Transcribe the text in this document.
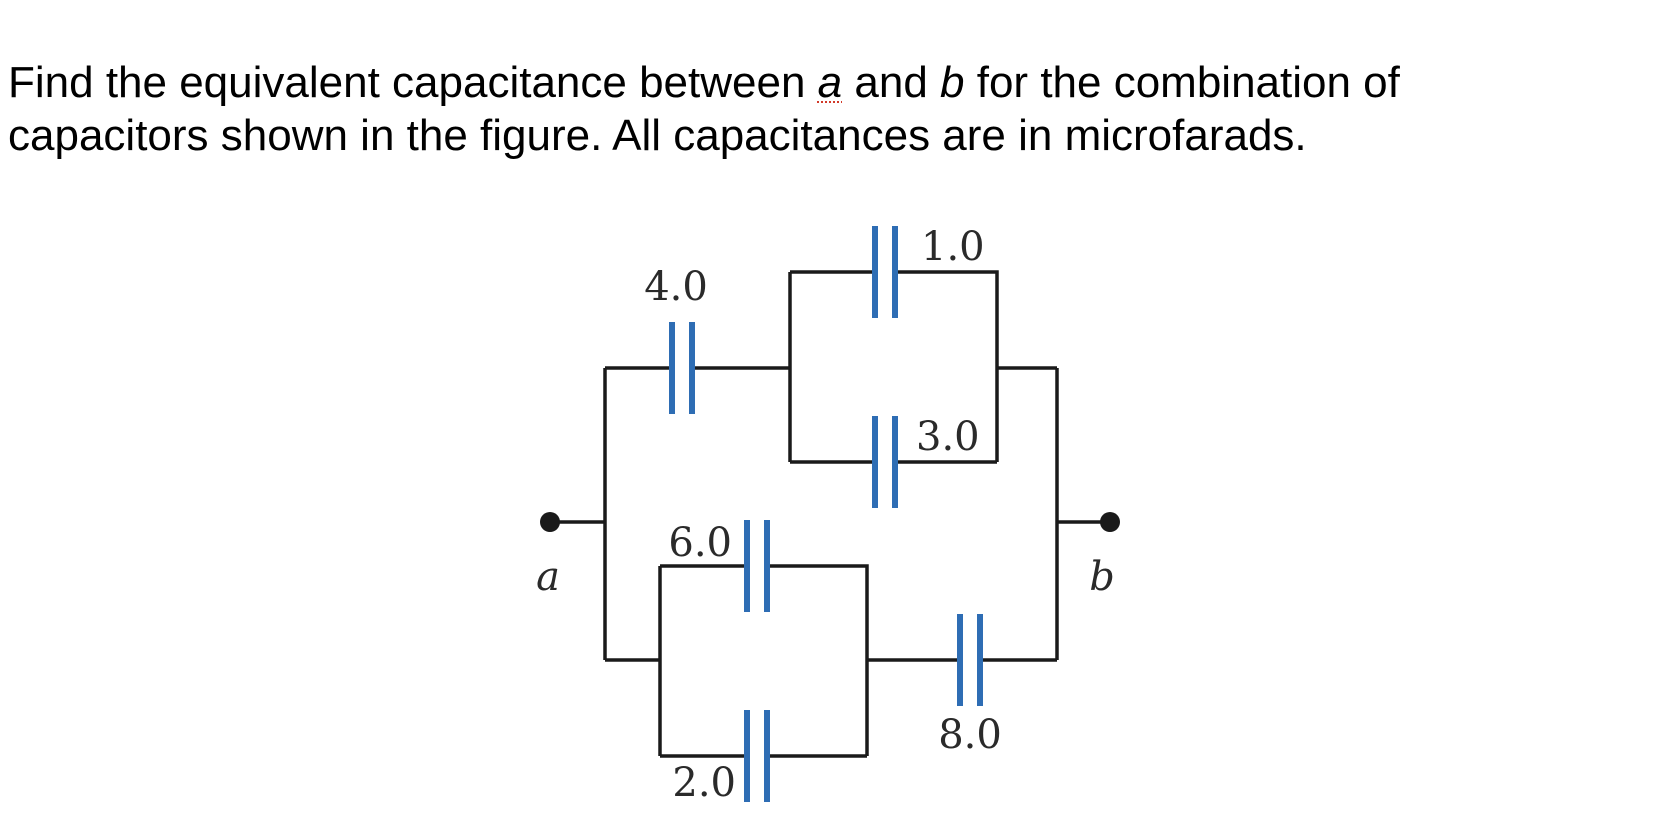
Find the equivalent capacitance between a and b for the combination of capacitors shown in the figure. All capacitances are in microfarads.

4.0
1.0
3.0
6.0
2.0
8.0
a	b
